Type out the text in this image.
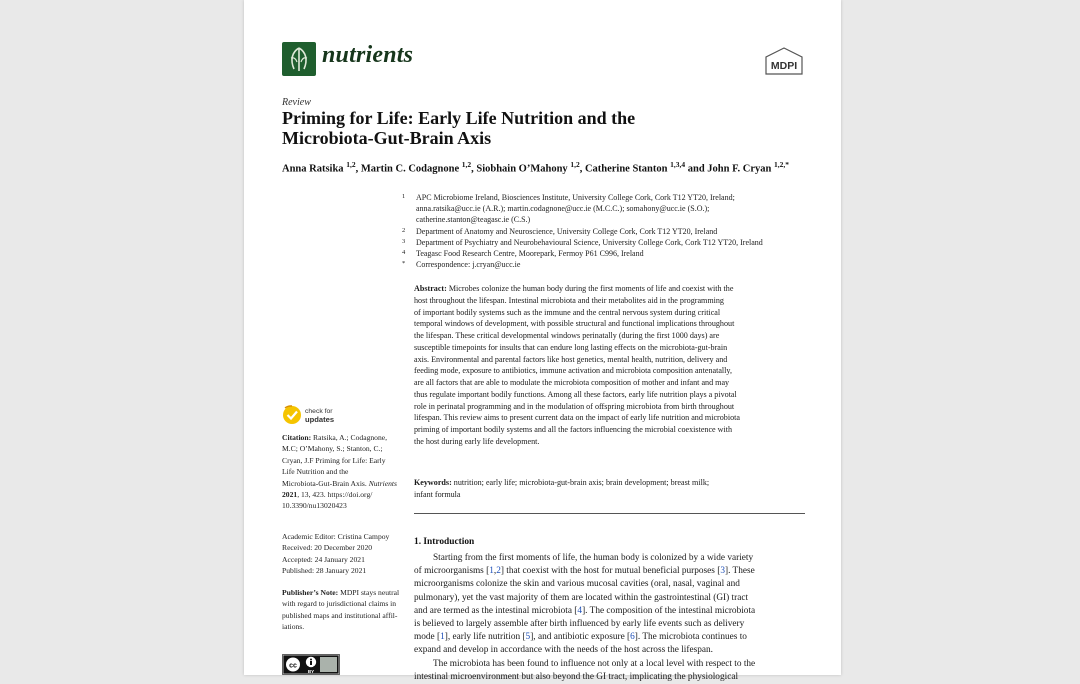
nutrients	MDPI
Review
Priming for Life: Early Life Nutrition and the
Microbiota-Gut-Brain Axis
Anna Ratsika $^{1,2}$, Martin C. Codagnone $^{1,2}$, Siobhain O’Mahony $^{1,2}$, Catherine Stanton $^{1,3,4}$ and John F. Cryan $^{1,2,*}$
1 APC Microbiome Ireland, Biosciences Institute, University College Cork, Cork T12 YT20, Ireland;
anna.ratsika@ucc.ie (A.R.); martin.codagnone@ucc.ie (M.C.C.); somahony@ucc.ie (S.O.);
catherine.stanton@teagasc.ie (C.S.)
2 Department of Anatomy and Neuroscience, University College Cork, Cork T12 YT20, Ireland
3 Department of Psychiatry and Neurobehavioural Science, University College Cork, Cork T12 YT20, Ireland
4 Teagasc Food Research Centre, Moorepark, Fermoy P61 C996, Ireland
* Correspondence: j.cryan@ucc.ie
check for
updates
Citation: Ratsika, A.; Codagnone,
M.C; O’Mahony, S.; Stanton, C.;
Cryan, J.F Priming for Life: Early
Life Nutrition and the
Microbiota-Gut-Brain Axis. Nutrients
2021, 13, 423. https://doi.org/
10.3390/nu13020423
Academic Editor: Cristina Campoy
Received: 20 December 2020
Accepted: 24 January 2021
Published: 28 January 2021
Publisher’s Note: MDPI stays neutral
with regard to jurisdictional claims in
published maps and institutional affil-
iations.
cc
BY
Abstract: Microbes colonize the human body during the first moments of life and coexist with the
host throughout the lifespan. Intestinal microbiota and their metabolites aid in the programming
of important bodily systems such as the immune and the central nervous system during critical
temporal windows of development, with possible structural and functional implications throughout
the lifespan. These critical developmental windows perinatally (during the first 1000 days) are
susceptible timepoints for insults that can endure long lasting effects on the microbiota-gut-brain
axis. Environmental and parental factors like host genetics, mental health, nutrition, delivery and
feeding mode, exposure to antibiotics, immune activation and microbiota composition antenatally,
are all factors that are able to modulate the microbiota composition of mother and infant and may
thus regulate important bodily functions. Among all these factors, early life nutrition plays a pivotal
role in perinatal programming and in the modulation of offspring microbiota from birth throughout
lifespan. This review aims to present current data on the impact of early life nutrition and microbiota
priming of important bodily systems and all the factors influencing the microbial coexistence with
the host during early life development.
Keywords: nutrition; early life; microbiota-gut-brain axis; brain development; breast milk;
infant formula
1. Introduction
Starting from the first moments of life, the human body is colonized by a wide variety
of microorganisms [1,2] that coexist with the host for mutual beneficial purposes [3]. These
microorganisms colonize the skin and various mucosal cavities (oral, nasal, vaginal and
pulmonary), yet the vast majority of them are located within the gastrointestinal (GI) tract
and are termed as the intestinal microbiota [4]. The composition of the intestinal microbiota
is believed to largely assemble after birth influenced by early life events such as delivery
mode [1], early life nutrition [5], and antibiotic exposure [6]. The microbiota continues to
expand and develop in accordance with the needs of the host across the lifespan.
The microbiota has been found to influence not only at a local level with respect to the
intestinal microenvironment but also beyond the GI tract, implicating the physiological
